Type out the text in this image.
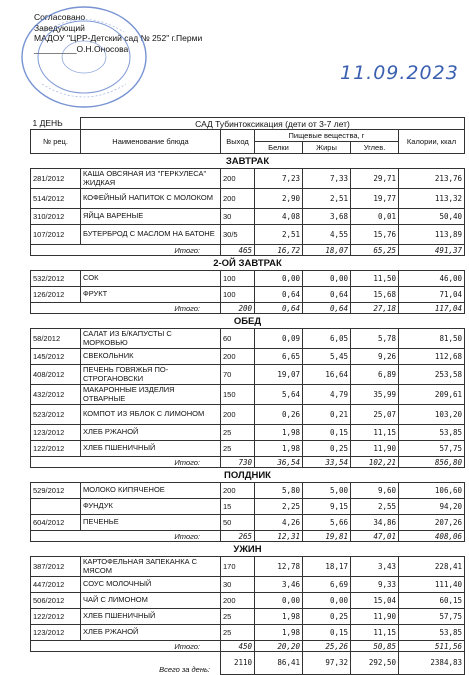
Согласовано
Заведующий
МАДОУ "ЦРР-Детский сад № 252" г.Перми
_________О.Н.Оносова
11.09.2023
1 ДЕНЬ	САД Тубинтоксикация (дети от 3-7 лет)					
№ рец.	Наименование блюда	Выход	Пищевые вещества, г			Калории, ккал
			Белки	Жиры	Углев.	
ЗАВТРАК						
281/2012	КАША ОВСЯНАЯ ИЗ "ГЕРКУЛЕСА" ЖИДКАЯ	200	7,23	7,33	29,71	213,76
514/2012	КОФЕЙНЫЙ НАПИТОК С МОЛОКОМ	200	2,90	2,51	19,77	113,32
310/2012	ЯЙЦА ВАРЕНЫЕ	30	4,08	3,68	0,01	50,40
107/2012	БУТЕРБРОД С МАСЛОМ НА БАТОНЕ	30/5	2,51	4,55	15,76	113,89
Итого:		465	16,72	18,07	65,25	491,37
2-ОЙ ЗАВТРАК						
532/2012	СОК	100	0,00	0,00	11,50	46,00
126/2012	ФРУКТ	100	0,64	0,64	15,68	71,04
Итого:		200	0,64	0,64	27,18	117,04
ОБЕД						
58/2012	САЛАТ ИЗ Б/КАПУСТЫ С МОРКОВЬЮ	60	0,09	6,05	5,78	81,50
145/2012	СВЕКОЛЬНИК	200	6,65	5,45	9,26	112,68
408/2012	ПЕЧЕНЬ ГОВЯЖЬЯ ПО-СТРОГАНОВСКИ	70	19,07	16,64	6,89	253,58
432/2012	МАКАРОННЫЕ ИЗДЕЛИЯ ОТВАРНЫЕ	150	5,64	4,79	35,99	209,61
523/2012	КОМПОТ ИЗ ЯБЛОК С ЛИМОНОМ	200	0,26	0,21	25,07	103,20
123/2012	ХЛЕБ РЖАНОЙ	25	1,98	0,15	11,15	53,85
122/2012	ХЛЕБ ПШЕНИЧНЫЙ	25	1,98	0,25	11,90	57,75
Итого:		730	36,54	33,54	102,21	856,80
ПОЛДНИК						
529/2012	МОЛОКО КИПЯЧЕНОЕ	200	5,80	5,00	9,60	106,60
	ФУНДУК	15	2,25	9,15	2,55	94,20
604/2012	ПЕЧЕНЬЕ	50	4,26	5,66	34,86	207,26
Итого:		265	12,31	19,81	47,01	408,06
УЖИН						
387/2012	КАРТОФЕЛЬНАЯ ЗАПЕКАНКА С МЯСОМ	170	12,78	18,17	3,43	228,41
447/2012	СОУС МОЛОЧНЫЙ	30	3,46	6,69	9,33	111,40
506/2012	ЧАЙ С ЛИМОНОМ	200	0,00	0,00	15,04	60,15
122/2012	ХЛЕБ ПШЕНИЧНЫЙ	25	1,98	0,25	11,90	57,75
123/2012	ХЛЕБ РЖАНОЙ	25	1,98	0,15	11,15	53,85
Итого:		450	20,20	25,26	50,85	511,56
Всего за день:		2110	86,41	97,32	292,50	2384,83
